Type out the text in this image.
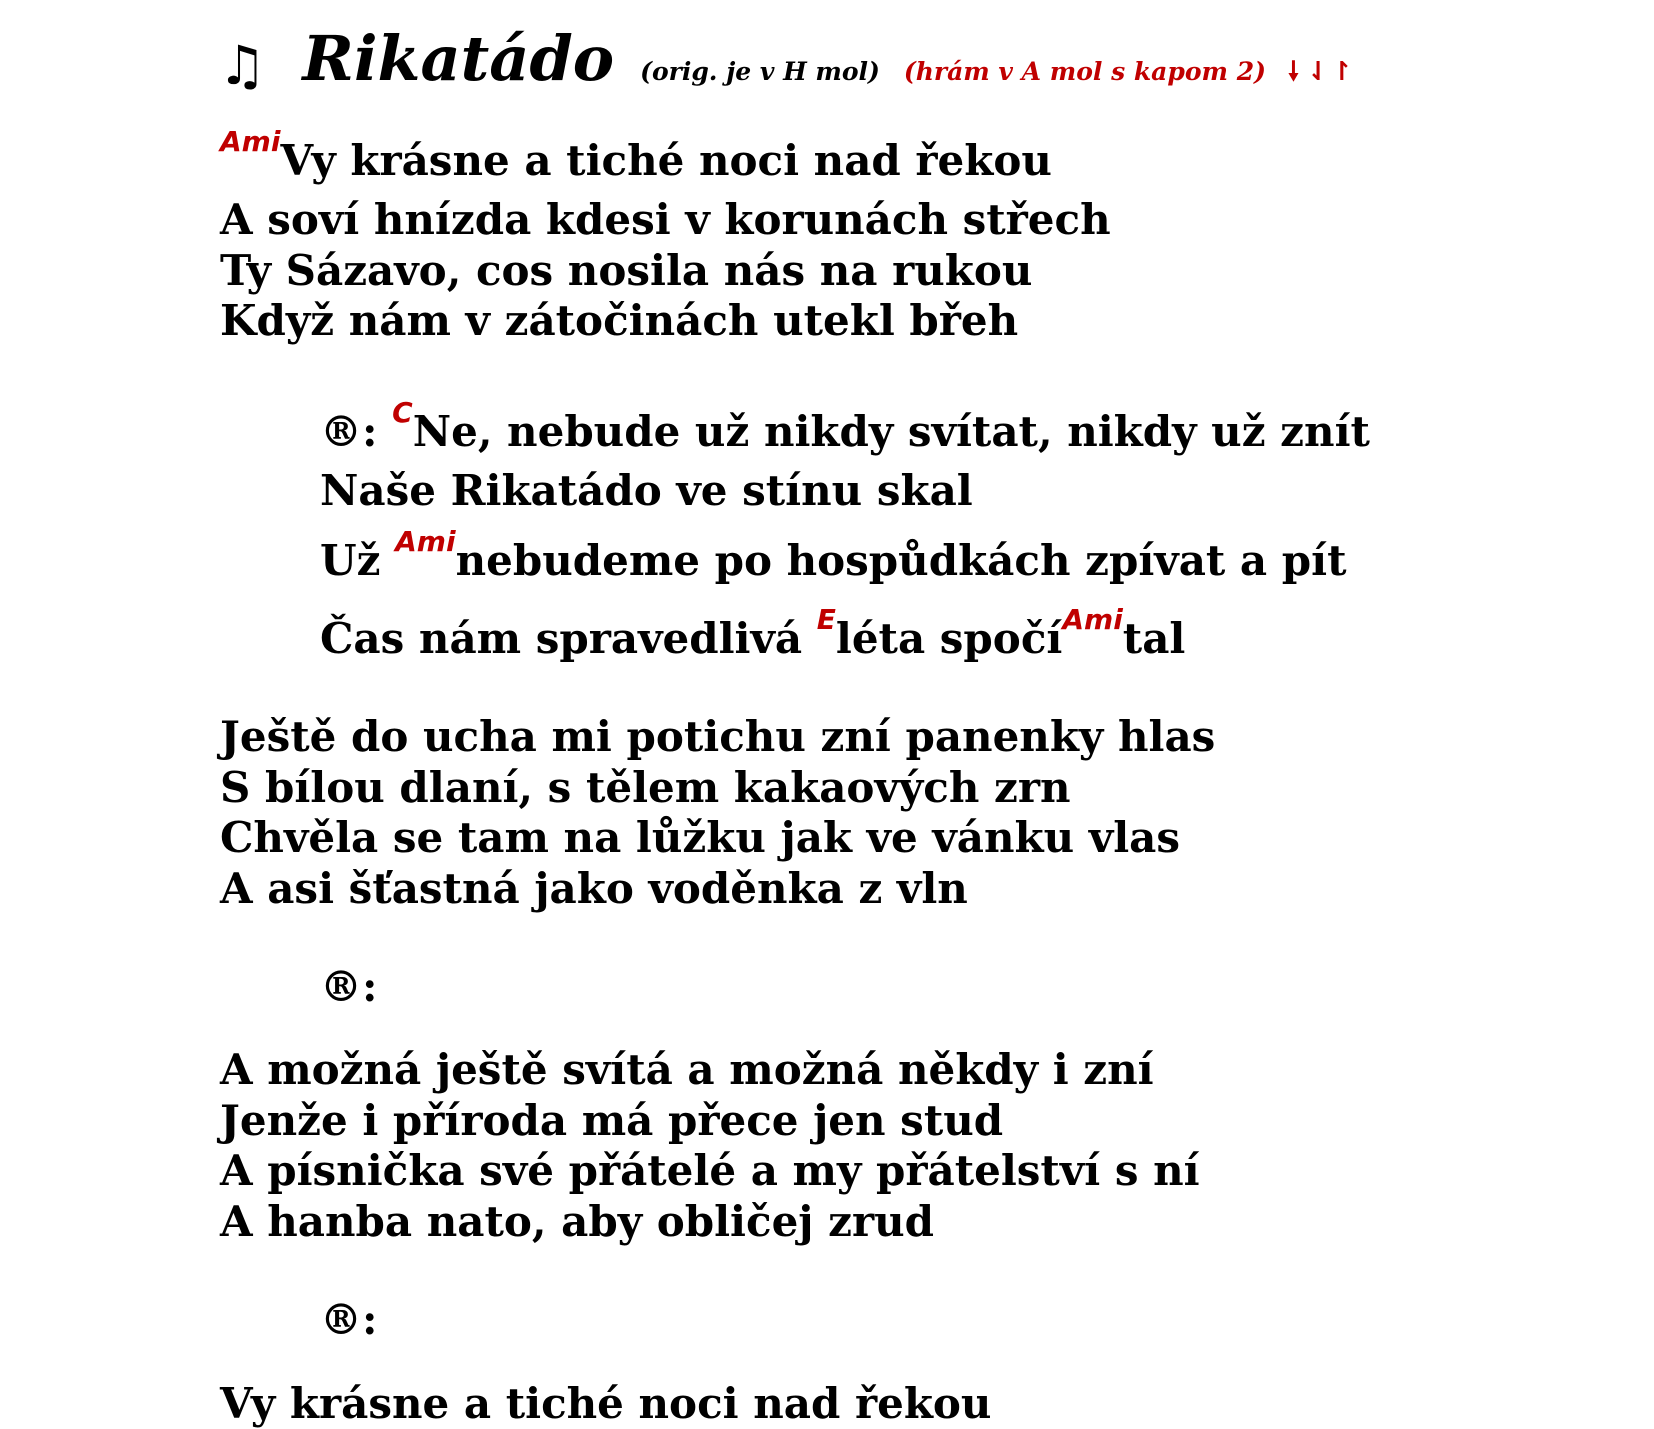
♫ Rikatádo (orig. je v H mol) (hrám v A mol s kapom 2) 🠗 ⇃↾
$^{Ami}$Vy krásne a tiché noci nad řekou
A soví hnízda kdesi v korunách střech
Ty Sázavo, cos nosila nás na rukou
Když nám v zátočinách utekl břeh
®: $^C$Ne, nebude už nikdy svítat, nikdy už znít
Naše Rikatádo ve stínu skal
Už $^{Ami}$nebudeme po hospůdkách zpívat a pít
Čas nám spravedlivá $^E$léta spočí$^{Ami}$tal
Ještě do ucha mi potichu zní panenky hlas
S bílou dlaní, s tělem kakaových zrn
Chvěla se tam na lůžku jak ve vánku vlas
A asi šťastná jako voděnka z vln
®:
A možná ještě svítá a možná někdy i zní
Jenže i příroda má přece jen stud
A písnička své přátelé a my přátelství s ní
A hanba nato, aby obličej zrud
®:
Vy krásne a tiché noci nad řekou
